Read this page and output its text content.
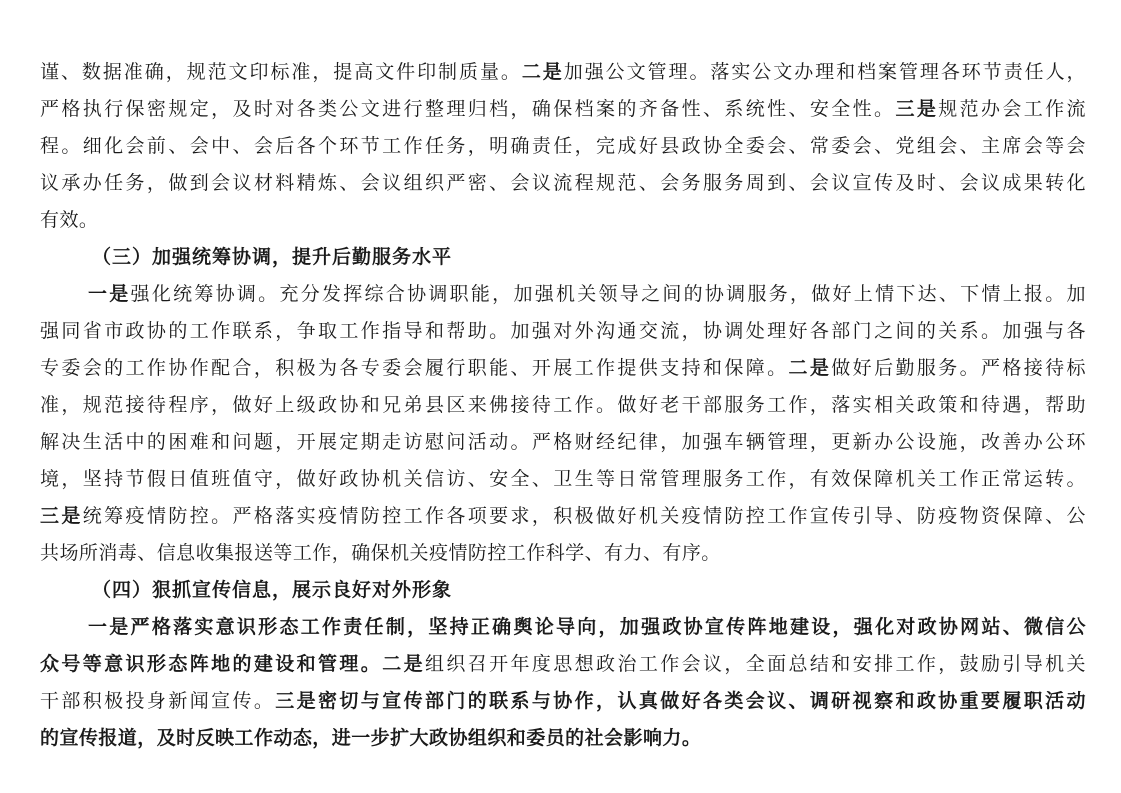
谨、数据准确，规范文印标准，提高文件印制质量。二是加强公文管理。落实公文办理和档案管理各环节责任人，
严格执行保密规定，及时对各类公文进行整理归档，确保档案的齐备性、系统性、安全性。三是规范办会工作流
程。细化会前、会中、会后各个环节工作任务，明确责任，完成好县政协全委会、常委会、党组会、主席会等会
议承办任务，做到会议材料精炼、会议组织严密、会议流程规范、会务服务周到、会议宣传及时、会议成果转化
有效。
（三）加强统筹协调，提升后勤服务水平
一是强化统筹协调。充分发挥综合协调职能，加强机关领导之间的协调服务，做好上情下达、下情上报。加
强同省市政协的工作联系，争取工作指导和帮助。加强对外沟通交流，协调处理好各部门之间的关系。加强与各
专委会的工作协作配合，积极为各专委会履行职能、开展工作提供支持和保障。二是做好后勤服务。严格接待标
准，规范接待程序，做好上级政协和兄弟县区来佛接待工作。做好老干部服务工作，落实相关政策和待遇，帮助
解决生活中的困难和问题，开展定期走访慰问活动。严格财经纪律，加强车辆管理，更新办公设施，改善办公环
境，坚持节假日值班值守，做好政协机关信访、安全、卫生等日常管理服务工作，有效保障机关工作正常运转。
三是统筹疫情防控。严格落实疫情防控工作各项要求，积极做好机关疫情防控工作宣传引导、防疫物资保障、公
共场所消毒、信息收集报送等工作，确保机关疫情防控工作科学、有力、有序。
（四）狠抓宣传信息，展示良好对外形象
一是严格落实意识形态工作责任制，坚持正确舆论导向，加强政协宣传阵地建设，强化对政协网站、微信公
众号等意识形态阵地的建设和管理。二是组织召开年度思想政治工作会议，全面总结和安排工作，鼓励引导机关
干部积极投身新闻宣传。三是密切与宣传部门的联系与协作，认真做好各类会议、调研视察和政协重要履职活动
的宣传报道，及时反映工作动态，进一步扩大政协组织和委员的社会影响力。
